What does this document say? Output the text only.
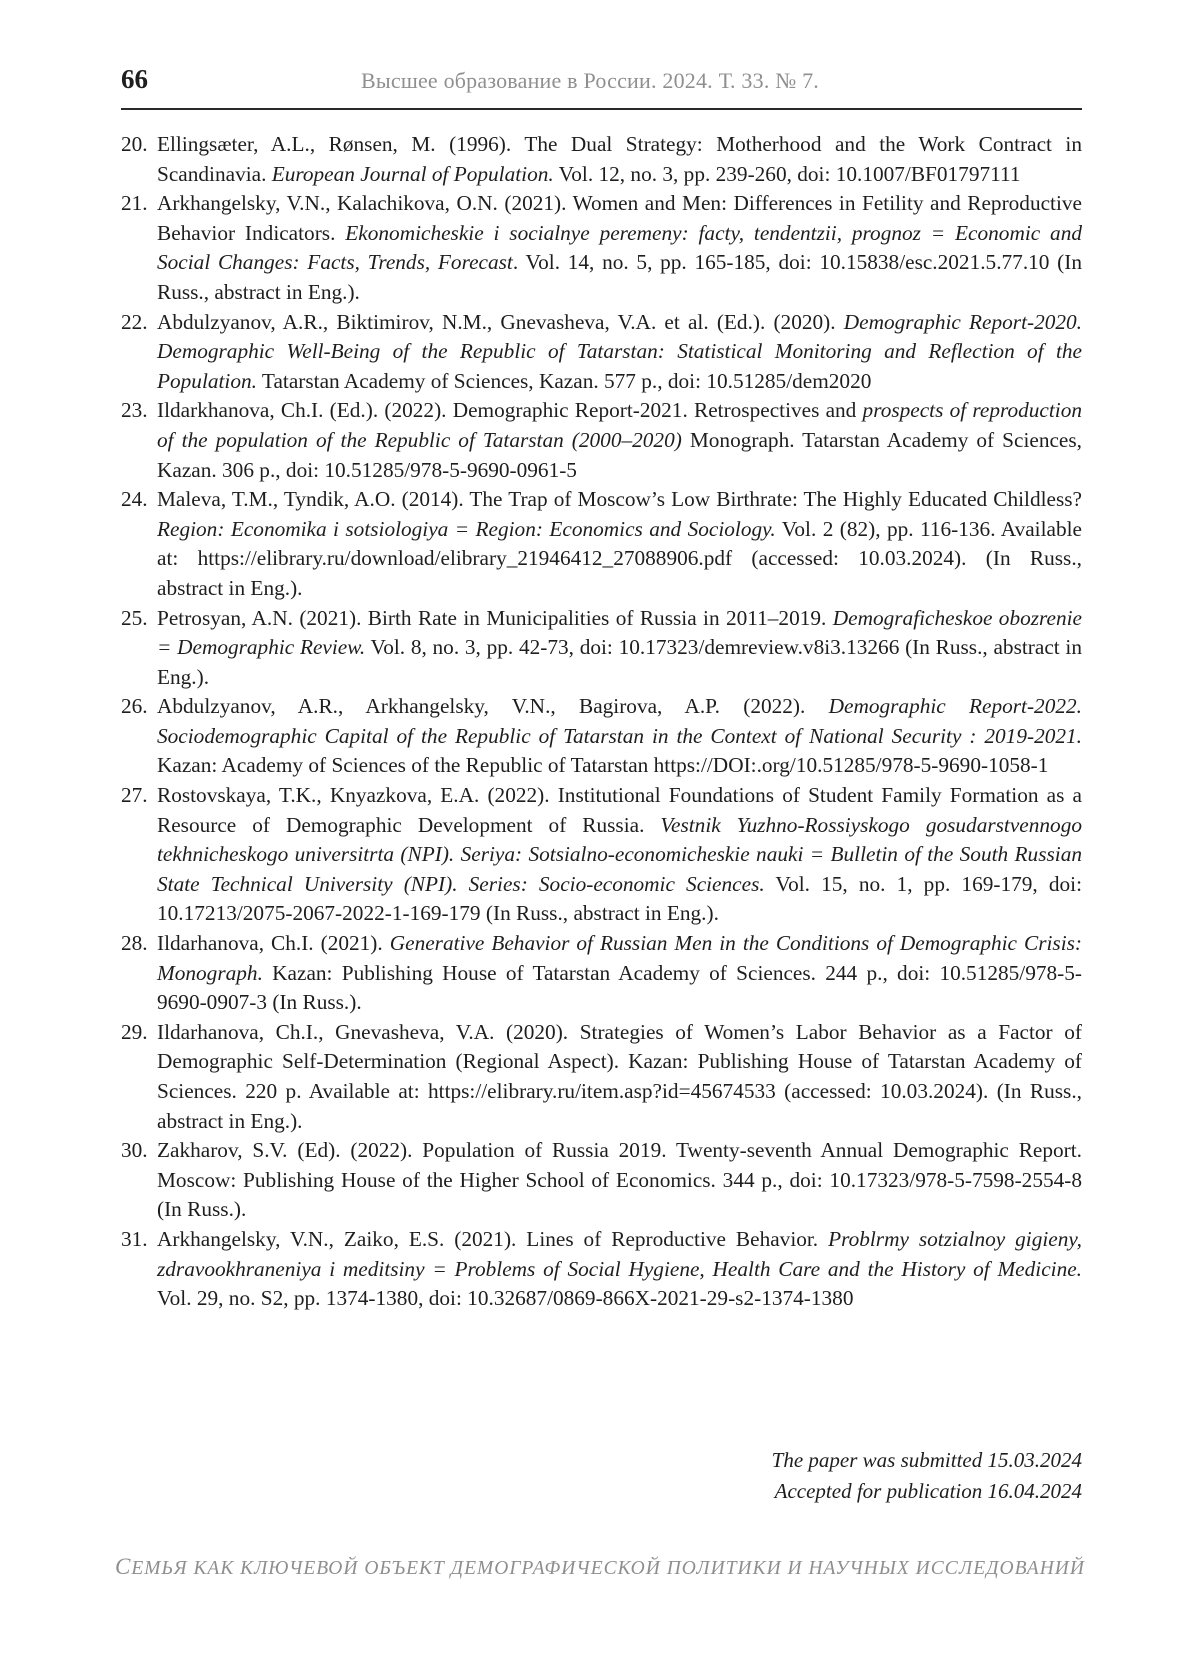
66	Высшее образование в России. 2024. Т. 33. № 7.
20. Ellingsæter, A.L., Rønsen, M. (1996). The Dual Strategy: Motherhood and the Work Contract in Scandinavia. European Journal of Population. Vol. 12, no. 3, pp. 239-260, doi: 10.1007/BF01797111
21. Arkhangelsky, V.N., Kalachikova, O.N. (2021). Women and Men: Differences in Fetility and Reproductive Behavior Indicators. Ekonomicheskie i socialnye peremeny: facty, tendentzii, prognoz = Economic and Social Changes: Facts, Trends, Forecast. Vol. 14, no. 5, pp. 165-185, doi: 10.15838/esc.2021.5.77.10 (In Russ., abstract in Eng.).
22. Abdulzyanov, A.R., Biktimirov, N.M., Gnevasheva, V.A. et al. (Ed.). (2020). Demographic Report-2020. Demographic Well-Being of the Republic of Tatarstan: Statistical Monitoring and Reflection of the Population. Tatarstan Academy of Sciences, Kazan. 577 p., doi: 10.51285/dem2020
23. Ildarkhanova, Ch.I. (Ed.). (2022). Demographic Report-2021. Retrospectives and prospects of reproduction of the population of the Republic of Tatarstan (2000–2020) Monograph. Tatarstan Academy of Sciences, Kazan. 306 p., doi: 10.51285/978-5-9690-0961-5
24. Maleva, T.M., Tyndik, A.O. (2014). The Trap of Moscow’s Low Birthrate: The Highly Educated Childless? Region: Economika i sotsiologiya = Region: Economics and Sociology. Vol. 2 (82), pp. 116-136. Available at: https://elibrary.ru/download/elibrary_21946412_27088906.pdf (accessed: 10.03.2024). (In Russ., abstract in Eng.).
25. Petrosyan, A.N. (2021). Birth Rate in Municipalities of Russia in 2011–2019. Demograficheskoe obozrenie = Demographic Review. Vol. 8, no. 3, pp. 42-73, doi: 10.17323/demreview.v8i3.13266 (In Russ., abstract in Eng.).
26. Abdulzyanov, A.R., Arkhangelsky, V.N., Bagirova, A.P. (2022). Demographic Report-2022. Sociodemographic Capital of the Republic of Tatarstan in the Context of National Security : 2019-2021. Kazan: Academy of Sciences of the Republic of Tatarstan https://DOI:.org/10.51285/978-5-9690-1058-1
27. Rostovskaya, T.K., Knyazkova, E.A. (2022). Institutional Foundations of Student Family Formation as a Resource of Demographic Development of Russia. Vestnik Yuzhno-Rossiyskogo gosudarstvennogo tekhnicheskogo universitrta (NPI). Seriya: Sotsialno-economicheskie nauki = Bulletin of the South Russian State Technical University (NPI). Series: Socio-economic Sciences. Vol. 15, no. 1, pp. 169-179, doi: 10.17213/2075-2067-2022-1-169-179 (In Russ., abstract in Eng.).
28. Ildarhanova, Ch.I. (2021). Generative Behavior of Russian Men in the Conditions of Demographic Crisis: Monograph. Kazan: Publishing House of Tatarstan Academy of Sciences. 244 p., doi: 10.51285/978-5-9690-0907-3 (In Russ.).
29. Ildarhanova, Ch.I., Gnevasheva, V.A. (2020). Strategies of Women’s Labor Behavior as a Factor of Demographic Self-Determination (Regional Aspect). Kazan: Publishing House of Tatarstan Academy of Sciences. 220 p. Available at: https://elibrary.ru/item.asp?id=45674533 (accessed: 10.03.2024). (In Russ., abstract in Eng.).
30. Zakharov, S.V. (Ed). (2022). Population of Russia 2019. Twenty-seventh Annual Demographic Report. Moscow: Publishing House of the Higher School of Economics. 344 p., doi: 10.17323/978-5-7598-2554-8 (In Russ.).
31. Arkhangelsky, V.N., Zaiko, E.S. (2021). Lines of Reproductive Behavior. Problrmy sotzialnoy gigieny, zdravookhraneniya i meditsiny = Problems of Social Hygiene, Health Care and the History of Medicine. Vol. 29, no. S2, pp. 1374-1380, doi: 10.32687/0869-866X-2021-29-s2-1374-1380
The paper was submitted 15.03.2024
Accepted for publication 16.04.2024
СЕМЬЯ КАК КЛЮЧЕВОЙ ОБЪЕКТ ДЕМОГРАФИЧЕСКОЙ ПОЛИТИКИ И НАУЧНЫХ ИССЛЕДОВАНИЙ
